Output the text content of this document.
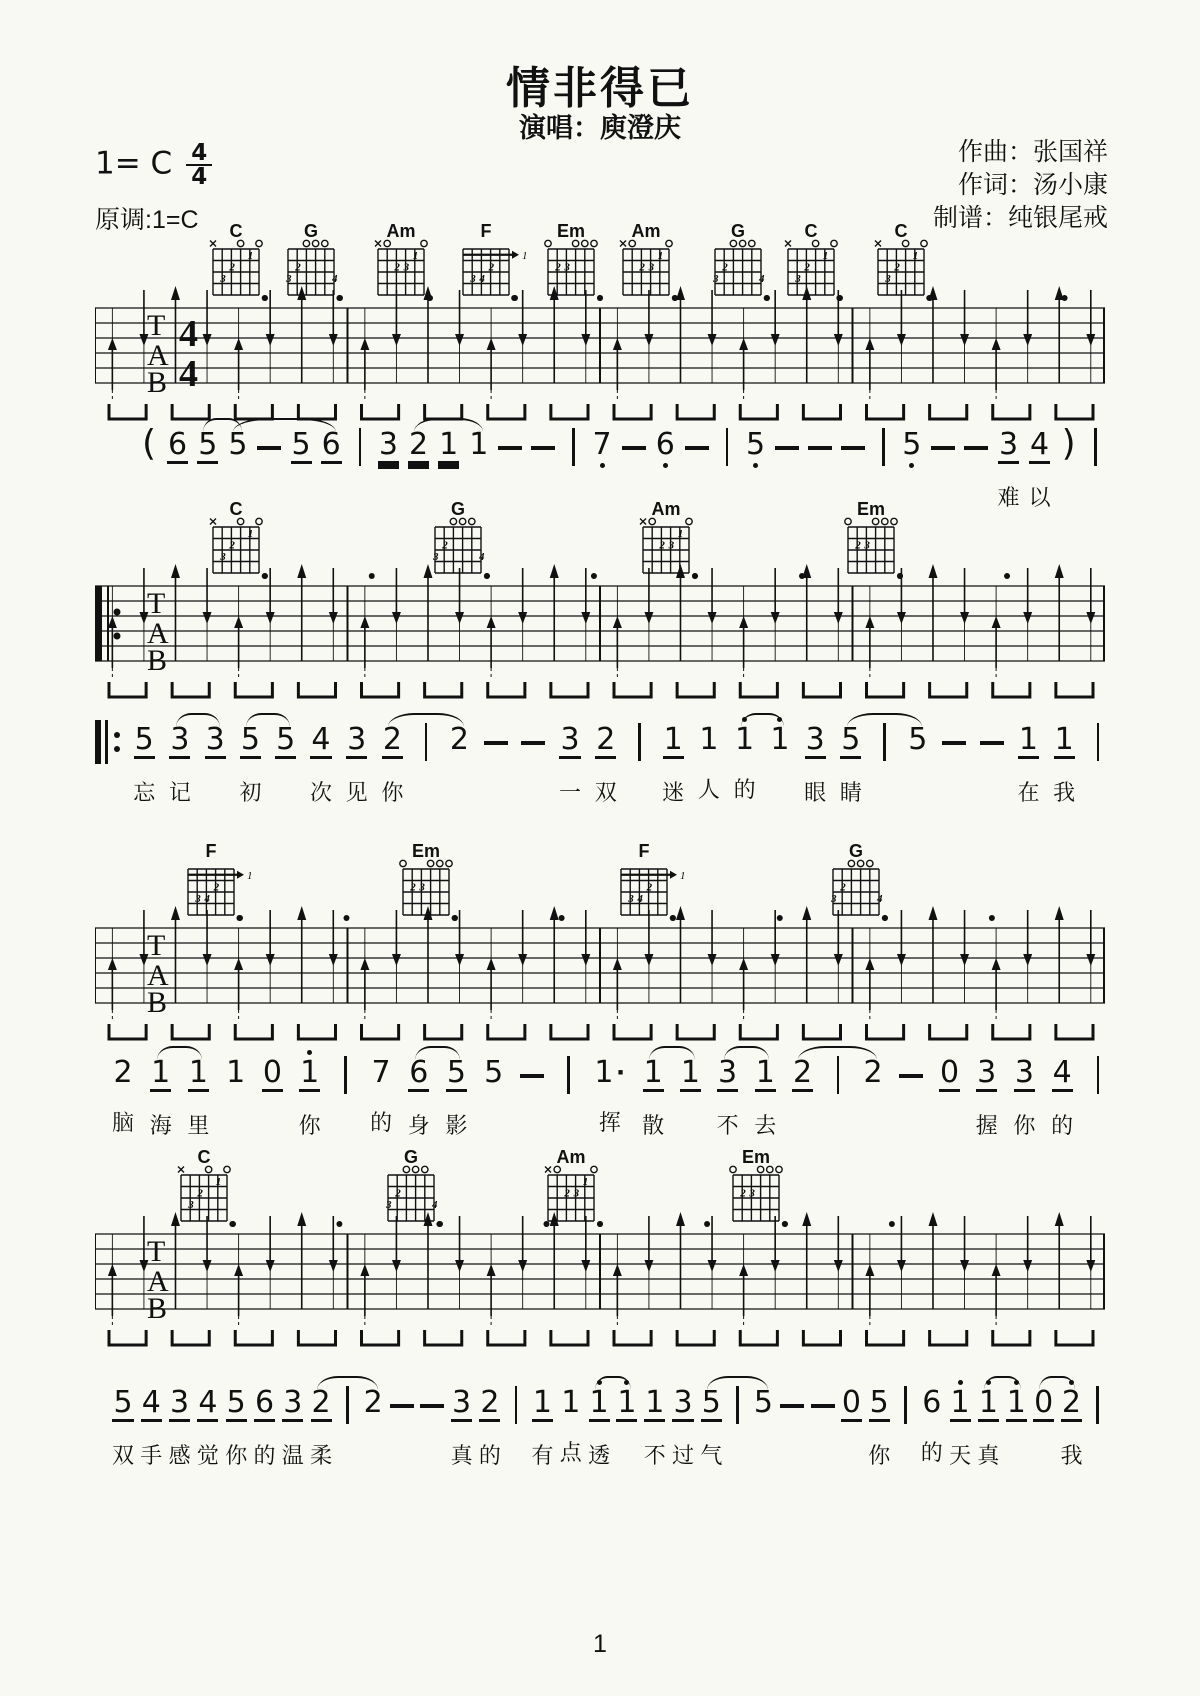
情非得已
演唱：庾澄庆
1= C $\frac{4}{4}$
原调:1=C
作曲：张国祥
作词：汤小康
制谱：纯银尾戒
T
A
B
4
4
C
1
2
3
G
2
3	4
Am
1
2 3
F
2
3 4
1
Em
2 3
Am
1
2 3
G
2
3	4
C
1
2
3
C
1
2
3
T
A
B
C
1
2
3
G
2
3	4
Am
1
2 3
Em
2 3
T
A
B
F
2
3 4
1
Em
2 3
F
2
3 4
1
G
2
3	4
T
A
B
C
1
2
3
G
2
3	4
Am
1
2 3
Em
2 3
( 6 5 5 5 6 3 2 1 1	7 6 5	5	3
难
4
以
)
5
忘
3
记
3 5
初
5 4
次
3
见
2
你
2	3
一
2
双
1
迷
1
人
1
的
1 3
眼
5
睛
5	1
在
1
我
2
脑
1
海
1
里
1 0 1
你
7
的
6
身
5
影
5	1 ·
挥
1
散
1 3
不
1
去
2 2 0 3
握
3
你
4
的
5
双
4
手
3
感
4
觉
5
你
6
的
3
温
2
柔
2 3
真
2
的
1
有
1
点
1
透
1 1
不
3
过
5
气
5 0 5
你
6
的
1
天
1
真
1 0 2
我
1
